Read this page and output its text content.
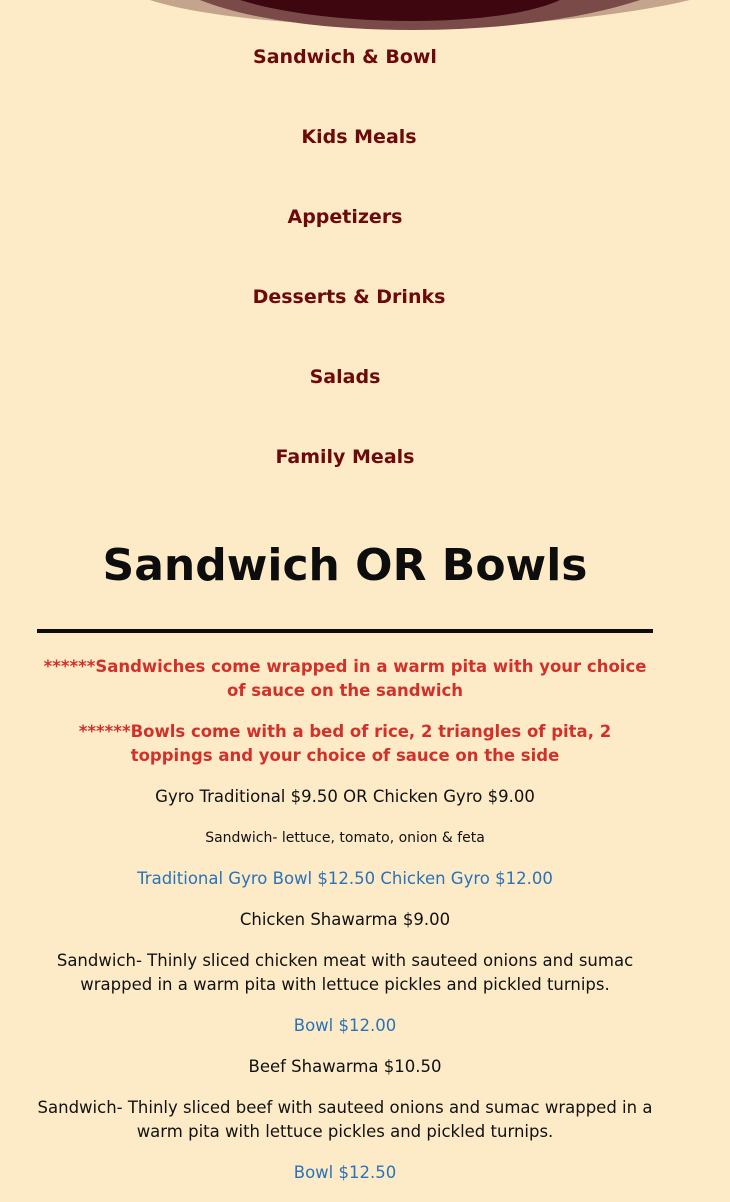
Sandwich & Bowl
Kids Meals
Appetizers
Desserts & Drinks
Salads
Family Meals
Sandwich OR Bowls

******Sandwiches come wrapped in a warm pita with your choice of sauce on the sandwich

******Bowls come with a bed of rice, 2 triangles of pita, 2 toppings and your choice of sauce on the side

Gyro Traditional $9.50 OR Chicken Gyro $9.00

Sandwich- lettuce, tomato, onion & feta

Traditional Gyro Bowl $12.50 Chicken Gyro $12.00

Chicken Shawarma $9.00

Sandwich- Thinly sliced chicken meat with sauteed onions and sumac wrapped in a warm pita with lettuce pickles and pickled turnips.

Bowl $12.00

Beef Shawarma $10.50

Sandwich- Thinly sliced beef with sauteed onions and sumac wrapped in a warm pita with lettuce pickles and pickled turnips.

Bowl $12.50
